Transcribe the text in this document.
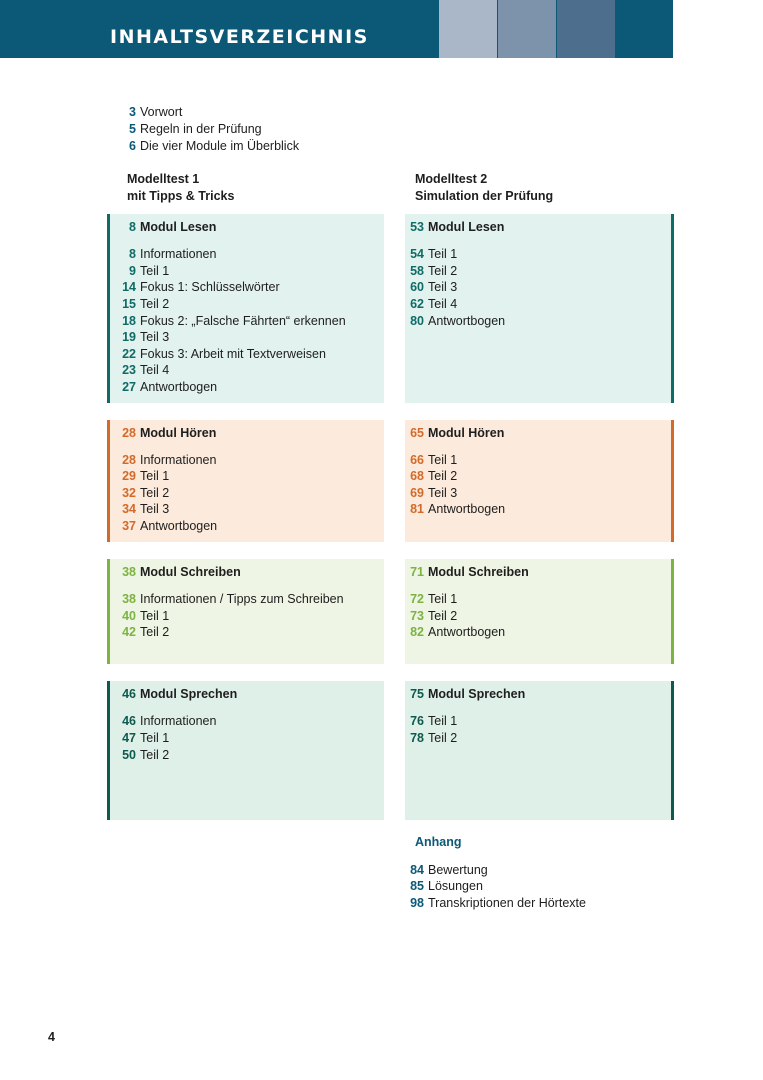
INHALTSVERZEICHNIS
3 Vorwort
5 Regeln in der Prüfung
6 Die vier Module im Überblick
Modelltest 1
mit Tipps & Tricks
Modelltest 2
Simulation der Prüfung
8 Modul Lesen
8 Informationen
9 Teil 1
14 Fokus 1: Schlüsselwörter
15 Teil 2
18 Fokus 2: „Falsche Fährten“ erkennen
19 Teil 3
22 Fokus 3: Arbeit mit Textverweisen
23 Teil 4
27 Antwortbogen
53 Modul Lesen
54 Teil 1
58 Teil 2
60 Teil 3
62 Teil 4
80 Antwortbogen
28 Modul Hören
28 Informationen
29 Teil 1
32 Teil 2
34 Teil 3
37 Antwortbogen
65 Modul Hören
66 Teil 1
68 Teil 2
69 Teil 3
81 Antwortbogen
38 Modul Schreiben
38 Informationen / Tipps zum Schreiben
40 Teil 1
42 Teil 2
71 Modul Schreiben
72 Teil 1
73 Teil 2
82 Antwortbogen
46 Modul Sprechen
46 Informationen
47 Teil 1
50 Teil 2
75 Modul Sprechen
76 Teil 1
78 Teil 2
Anhang
84 Bewertung
85 Lösungen
98 Transkriptionen der Hörtexte
4
